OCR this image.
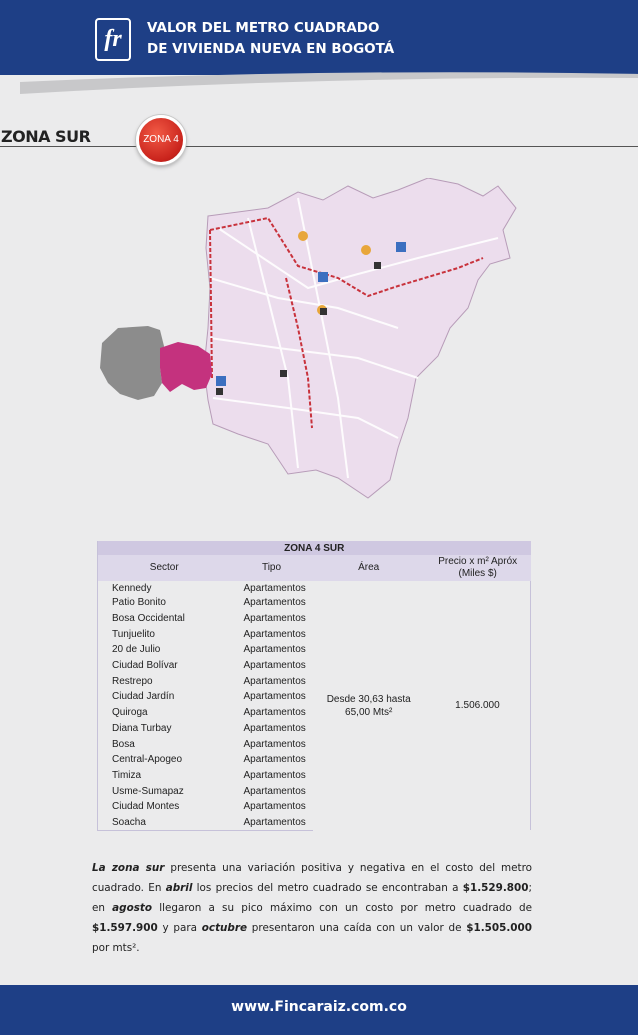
fr	VALOR DEL METRO CUADRADO
DE VIVIENDA NUEVA EN BOGOTÁ
ZONA SUR	ZONA 4
ZONA 4 SUR			
Sector	Tipo	Área	Precio x m² Apróx
(Miles $)

Kennedy	Apartamentos	Desde 30,63 hasta
65,00 Mts²	1.506.000
Patio Bonito	Apartamentos		
Bosa Occidental	Apartamentos		
Tunjuelito	Apartamentos		
20 de Julio	Apartamentos		
Ciudad Bolívar	Apartamentos		
Restrepo	Apartamentos		
Ciudad Jardín	Apartamentos		
Quiroga	Apartamentos		
Diana Turbay	Apartamentos		
Bosa	Apartamentos		
Central-Apogeo	Apartamentos		
Timiza	Apartamentos		
Usme-Sumapaz	Apartamentos		
Ciudad Montes	Apartamentos		
Soacha	Apartamentos		
La zona sur presenta una variación positiva y negativa en el costo del metro cuadrado. En abril los precios del metro cuadrado se encontraban a $1.529.800; en agosto llegaron a su pico máximo con un costo por metro cuadrado de $1.597.900 y para octubre presentaron una caída con un valor de $1.505.000 por mts².
www.Fincaraiz.com.co
